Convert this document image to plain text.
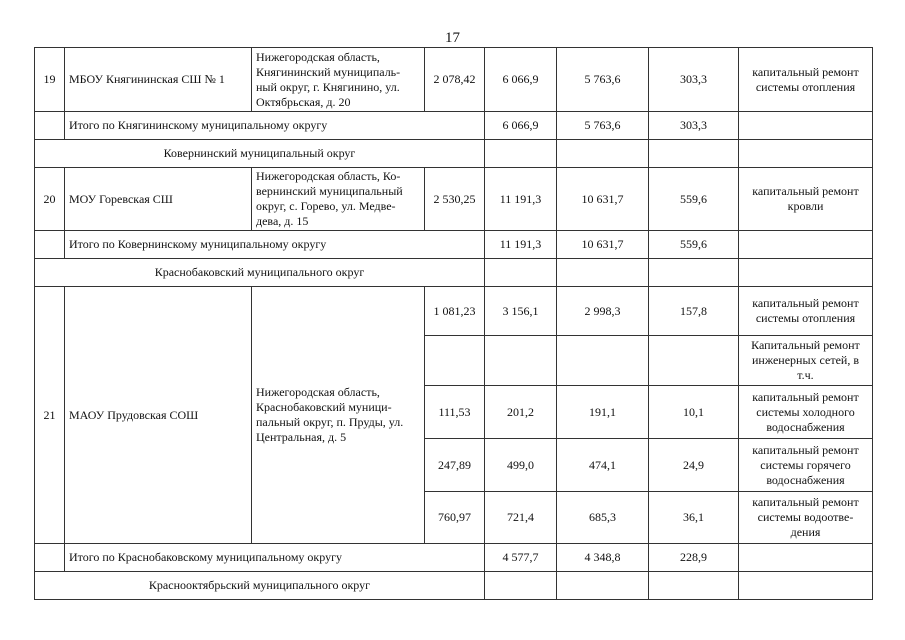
17
19	МБОУ Княгининская СШ № 1	Нижегородская область, Княгининский муниципаль-ный округ, г. Княгинино, ул. Октябрьская, д. 20	2 078,42	6 066,9	5 763,6	303,3	капитальный ремонт системы отопления
	Итого по Княгининскому муниципальному округу			6 066,9	5 763,6	303,3	
Ковернинский муниципальный округ							
20	МОУ Горевская СШ	Нижегородская область, Ко-вернинский муниципальный округ, с. Горево, ул. Медве-дева, д. 15	2 530,25	11 191,3	10 631,7	559,6	капитальный ремонт кровли
	Итого по Ковернинскому муниципальному округу			11 191,3	10 631,7	559,6	
Краснобаковский муниципального округ							
21	МАОУ Прудовская СОШ	Нижегородская область, Краснобаковский муници-пальный округ, п. Пруды, ул. Центральная, д. 5	1 081,23	3 156,1	2 998,3	157,8	капитальный ремонт системы отопления
							Капитальный ремонт инженерных сетей, в т.ч.
			111,53	201,2	191,1	10,1	капитальный ремонт системы холодного водоснабжения
			247,89	499,0	474,1	24,9	капитальный ремонт системы горячего водоснабжения
			760,97	721,4	685,3	36,1	капитальный ремонт системы водоотве-дения
	Итого по Краснобаковскому муниципальному округу			4 577,7	4 348,8	228,9	
Краснооктябрьский муниципального округ							
